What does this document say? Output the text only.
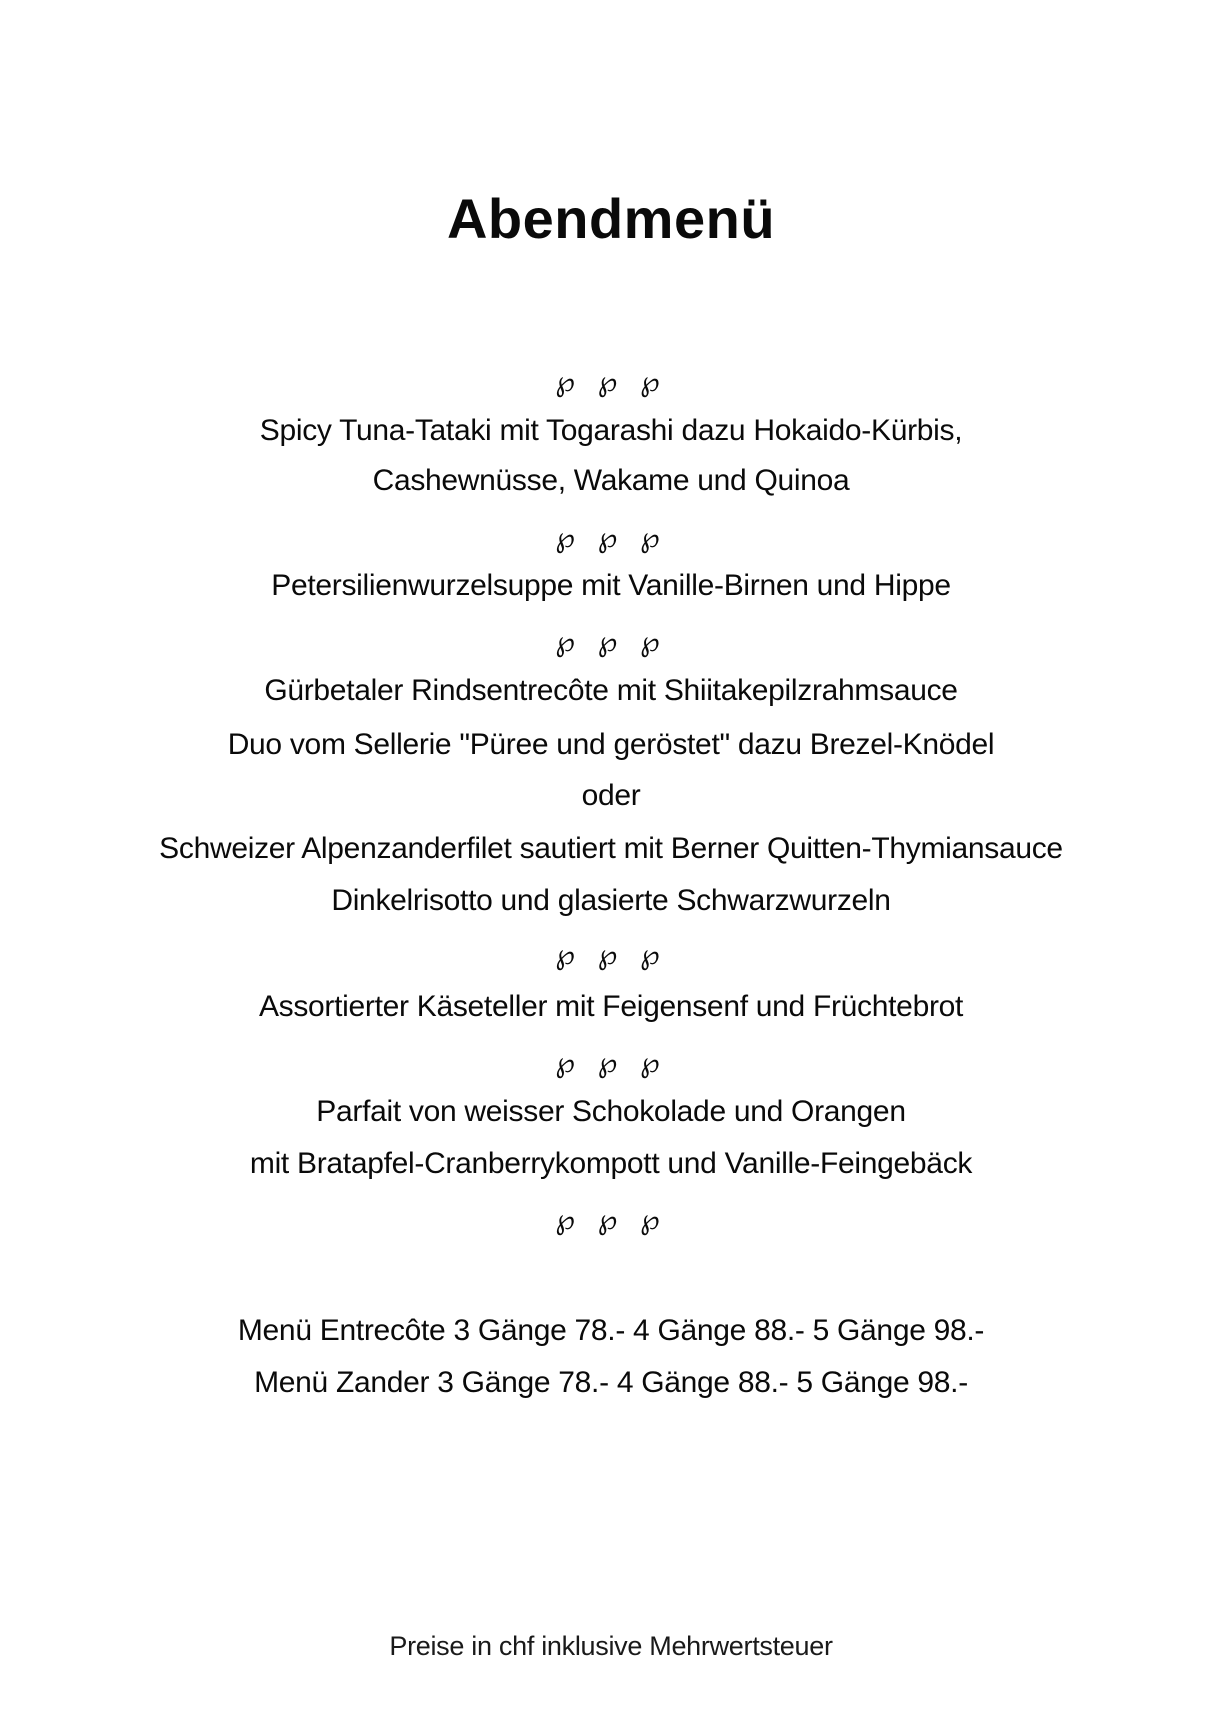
Abendmenü
℘ ℘ ℘
Spicy Tuna-Tataki mit Togarashi dazu Hokaido-Kürbis,
Cashewnüsse, Wakame und Quinoa
℘ ℘ ℘
Petersilienwurzelsuppe mit Vanille-Birnen und Hippe
℘ ℘ ℘
Gürbetaler Rindsentrecôte mit Shiitakepilzrahmsauce
Duo vom Sellerie "Püree und geröstet" dazu Brezel-Knödel
oder
Schweizer Alpenzanderfilet sautiert mit Berner Quitten-Thymiansauce
Dinkelrisotto und glasierte Schwarzwurzeln
℘ ℘ ℘
Assortierter Käseteller mit Feigensenf und Früchtebrot
℘ ℘ ℘
Parfait von weisser Schokolade und Orangen
mit Bratapfel-Cranberrykompott und Vanille-Feingebäck
℘ ℘ ℘
Menü Entrecôte 3 Gänge 78.- 4 Gänge 88.- 5 Gänge 98.-
Menü Zander 3 Gänge 78.- 4 Gänge 88.- 5 Gänge 98.-
Preise in chf inklusive Mehrwertsteuer
